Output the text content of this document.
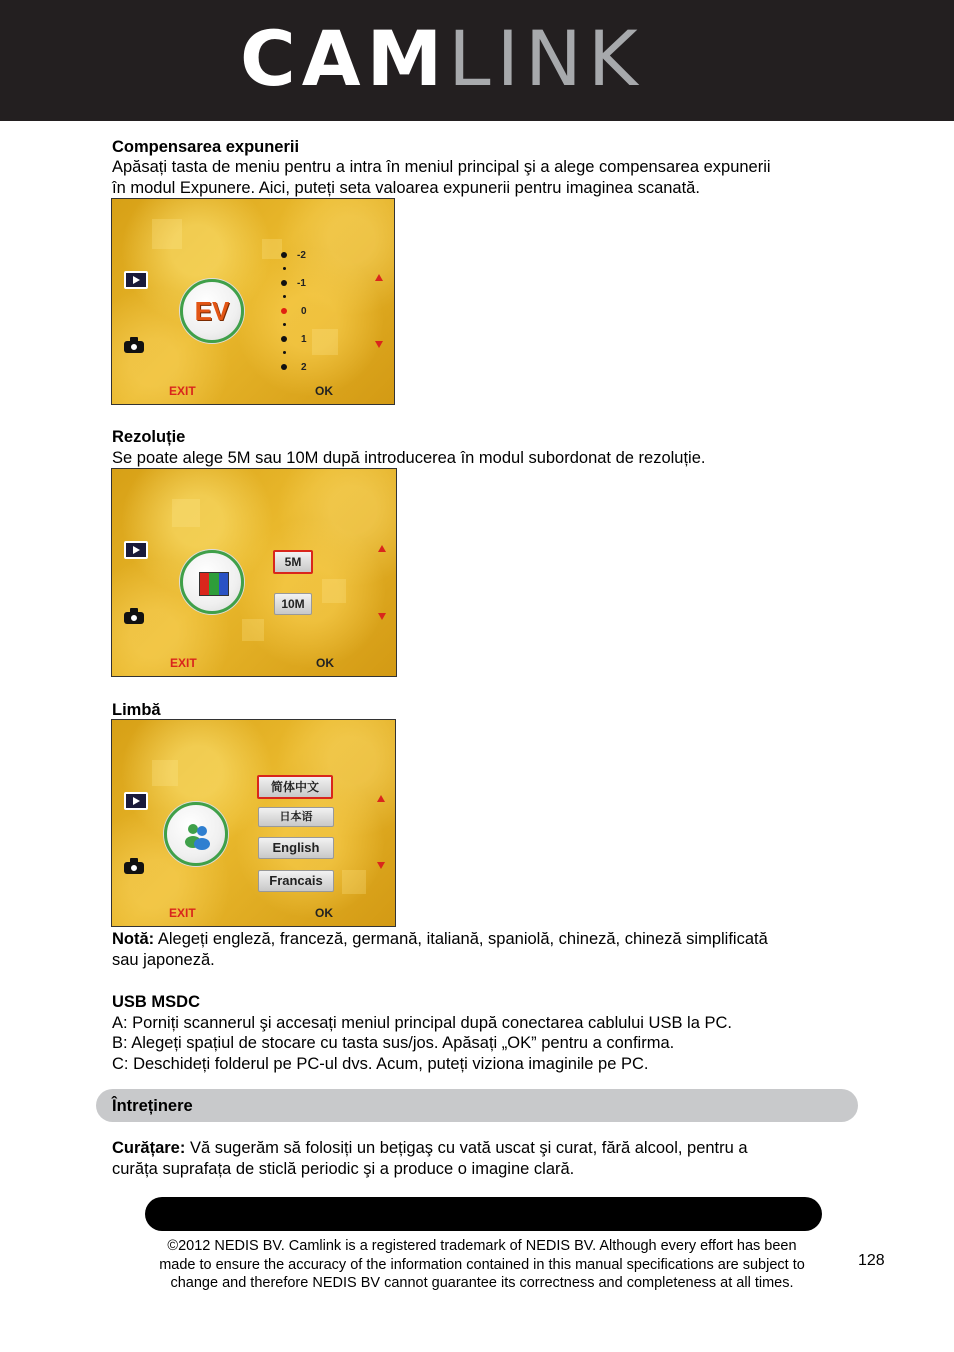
CAMLINK
Compensarea expunerii
Apăsați tasta de meniu pentru a intra în meniul principal şi a alege compensarea expunerii
în modul Expunere. Aici, puteți seta valoarea expunerii pentru imaginea scanată.
EV
-2
-1
0
1
2
EXIT	OK
Rezoluție
Se poate alege 5M sau 10M după introducerea în modul subordonat de rezoluție.
5M
10M
EXIT	OK
Limbă
简体中文
日本语
English
Francais
EXIT	OK
Notă: Alegeți engleză, franceză, germană, italiană, spaniolă, chineză, chineză simplificată
sau japoneză.
USB MSDC
A: Porniți scannerul şi accesați meniul principal după conectarea cablului USB la PC.
B: Alegeți spațiul de stocare cu tasta sus/jos. Apăsați „OK” pentru a confirma.
C: Deschideți folderul pe PC-ul dvs. Acum, puteți viziona imaginile pe PC.
Întreținere
Curățare: Vă sugerăm să folosiți un bețigaş cu vată uscat şi curat, fără alcool, pentru a
curăța suprafața de sticlă periodic şi a produce o imagine clară.
©2012 NEDIS BV. Camlink is a registered trademark of NEDIS BV. Although every effort has been
made to ensure the accuracy of the information contained in this manual specifications are subject to
change and therefore NEDIS BV cannot guarantee its correctness and completeness at all times.
128
